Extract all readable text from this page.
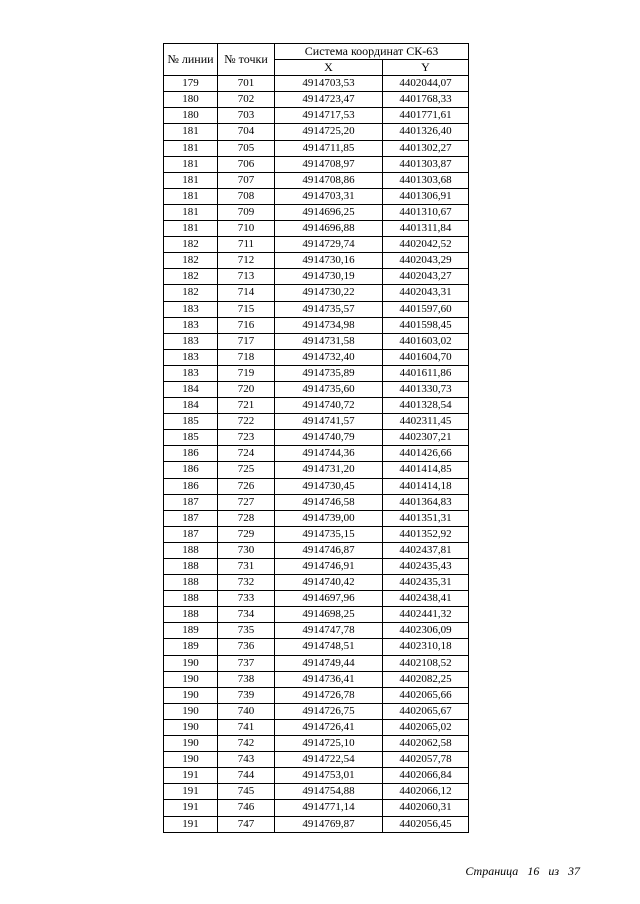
№ линии	№ точки	Система координат СК-63	
		X	Y
179	701	4914703,53	4402044,07
180	702	4914723,47	4401768,33
180	703	4914717,53	4401771,61
181	704	4914725,20	4401326,40
181	705	4914711,85	4401302,27
181	706	4914708,97	4401303,87
181	707	4914708,86	4401303,68
181	708	4914703,31	4401306,91
181	709	4914696,25	4401310,67
181	710	4914696,88	4401311,84
182	711	4914729,74	4402042,52
182	712	4914730,16	4402043,29
182	713	4914730,19	4402043,27
182	714	4914730,22	4402043,31
183	715	4914735,57	4401597,60
183	716	4914734,98	4401598,45
183	717	4914731,58	4401603,02
183	718	4914732,40	4401604,70
183	719	4914735,89	4401611,86
184	720	4914735,60	4401330,73
184	721	4914740,72	4401328,54
185	722	4914741,57	4402311,45
185	723	4914740,79	4402307,21
186	724	4914744,36	4401426,66
186	725	4914731,20	4401414,85
186	726	4914730,45	4401414,18
187	727	4914746,58	4401364,83
187	728	4914739,00	4401351,31
187	729	4914735,15	4401352,92
188	730	4914746,87	4402437,81
188	731	4914746,91	4402435,43
188	732	4914740,42	4402435,31
188	733	4914697,96	4402438,41
188	734	4914698,25	4402441,32
189	735	4914747,78	4402306,09
189	736	4914748,51	4402310,18
190	737	4914749,44	4402108,52
190	738	4914736,41	4402082,25
190	739	4914726,78	4402065,66
190	740	4914726,75	4402065,67
190	741	4914726,41	4402065,02
190	742	4914725,10	4402062,58
190	743	4914722,54	4402057,78
191	744	4914753,01	4402066,84
191	745	4914754,88	4402066,12
191	746	4914771,14	4402060,31
191	747	4914769,87	4402056,45
Страница 16 из 37
